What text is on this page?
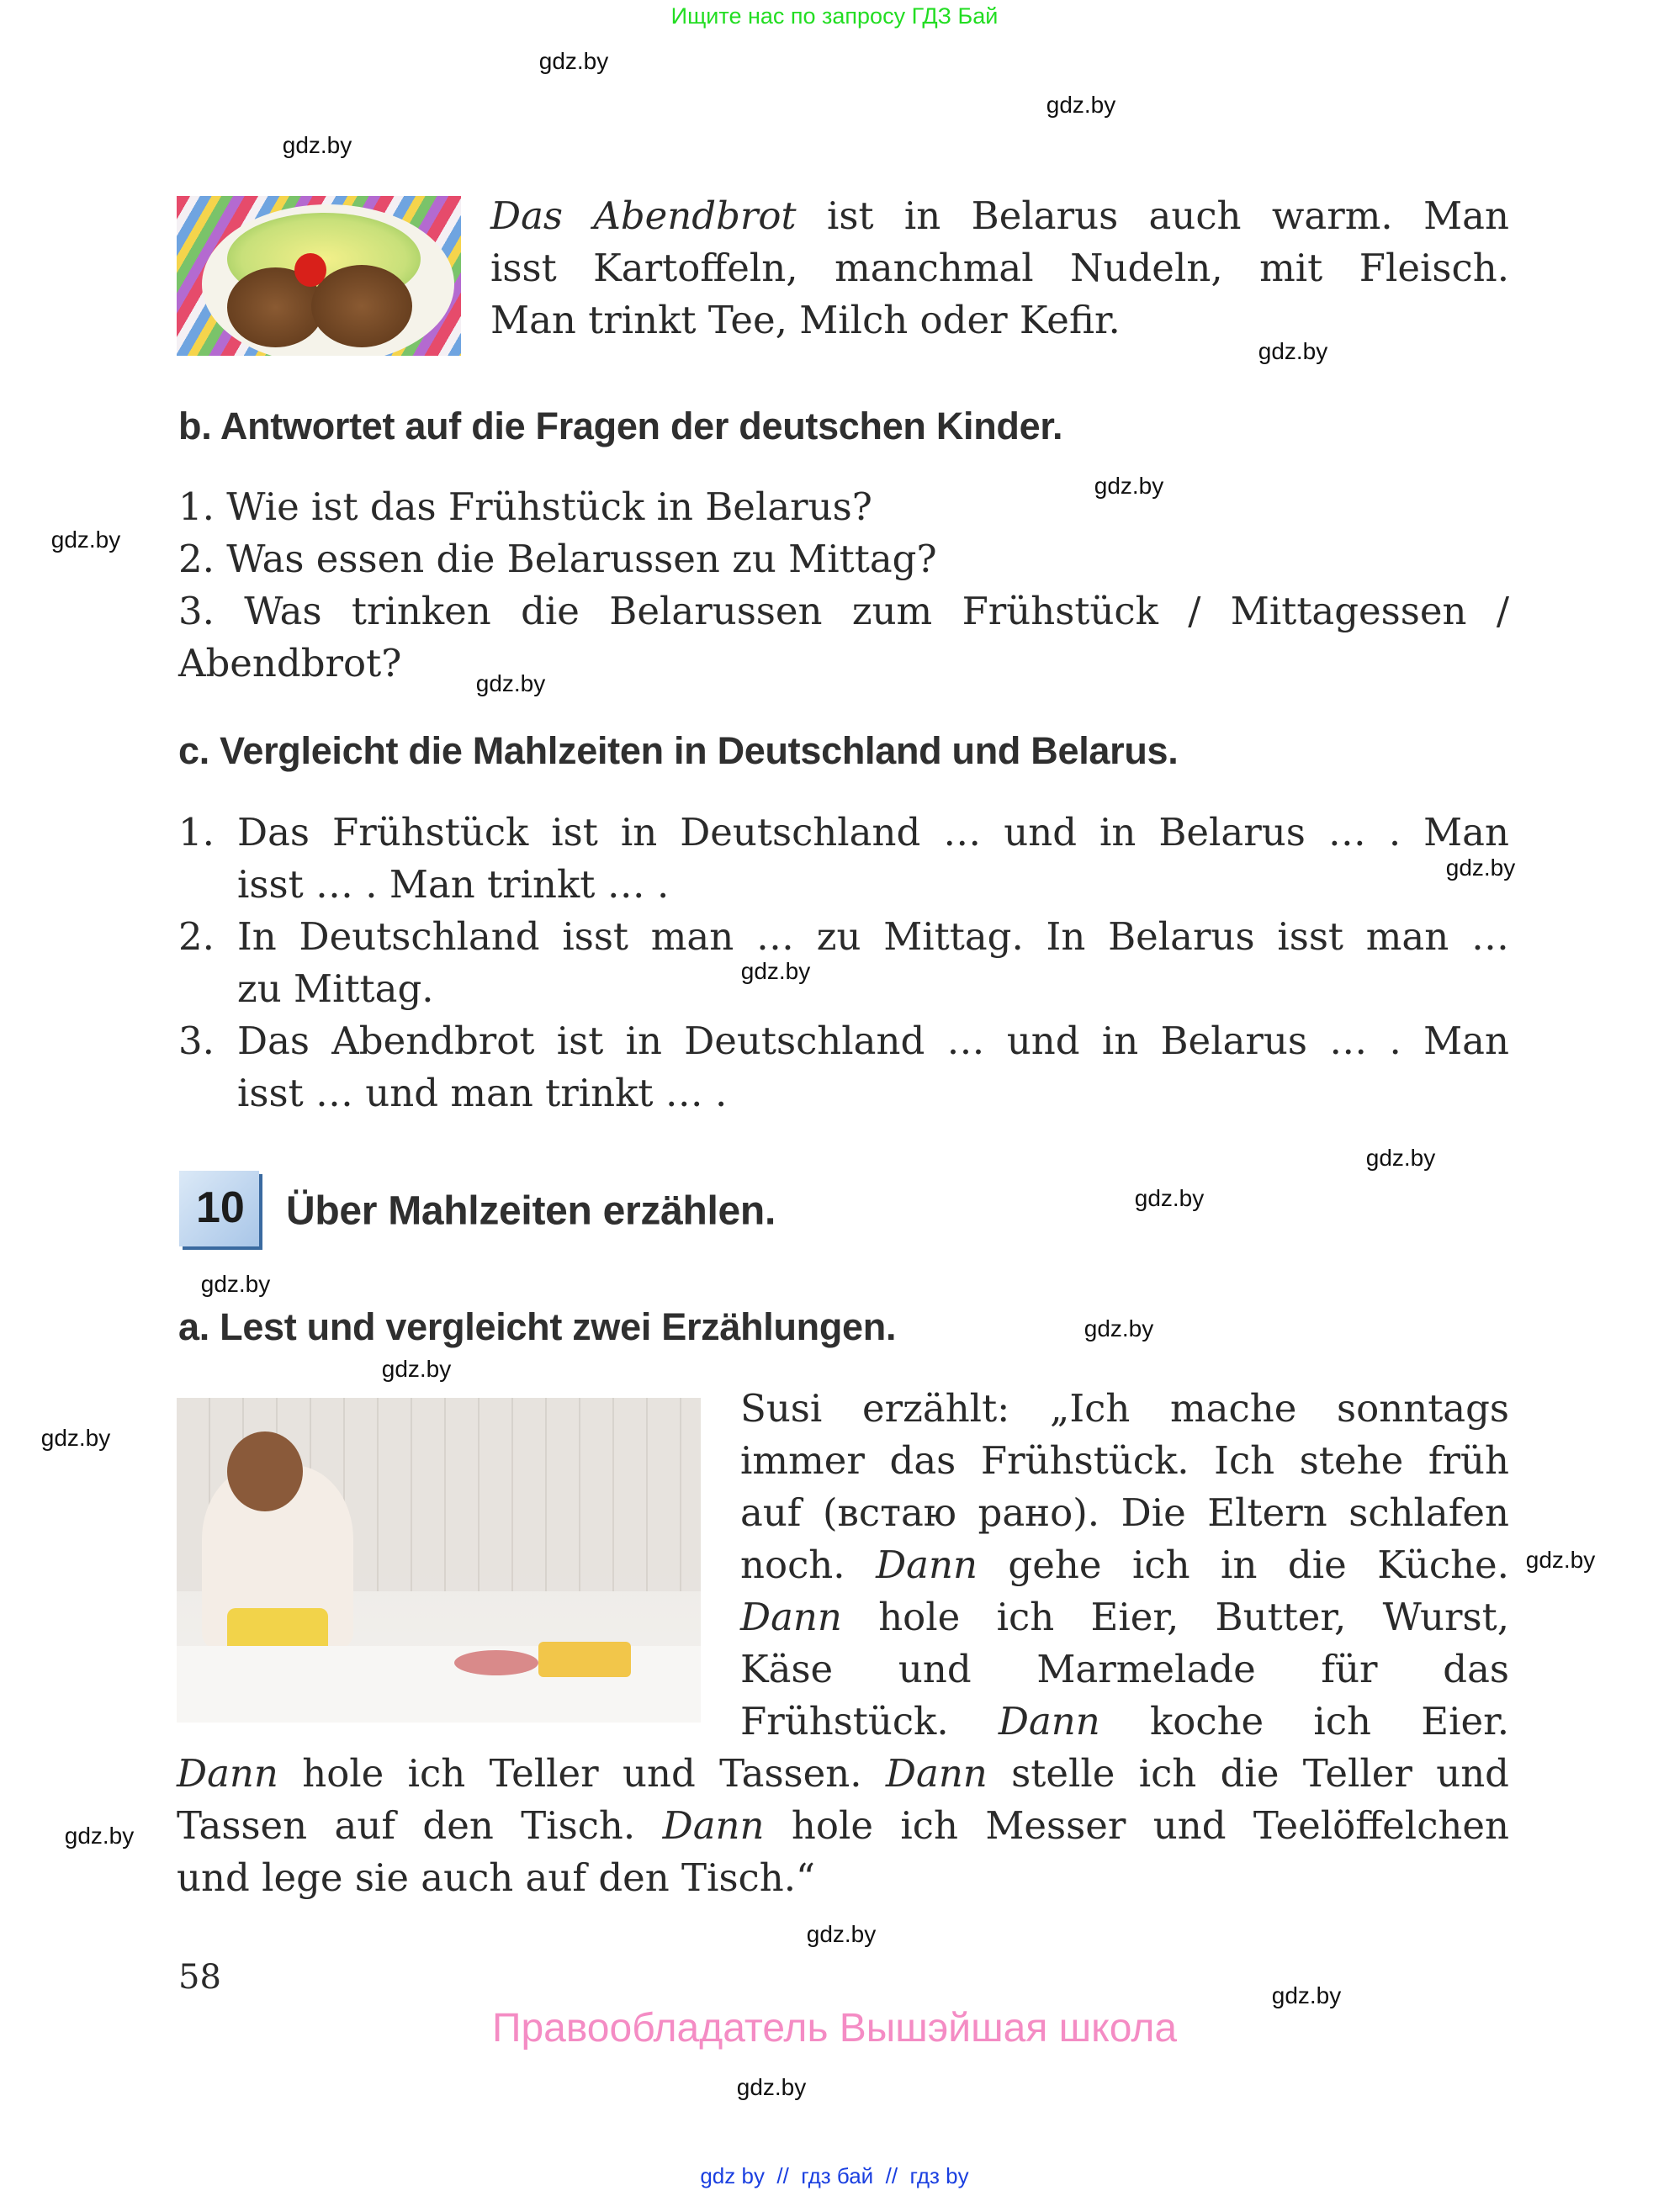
Ищите нас по запросу ГДЗ Бай
gdz.by
gdz.by
gdz.by
gdz.by
gdz.by
gdz.by
gdz.by
gdz.by
gdz.by
gdz.by
gdz.by
gdz.by
gdz.by
gdz.by
gdz.by
gdz.by
gdz.by
gdz.by
gdz.by
gdz.by
Das Abendbrot ist in Belarus auch warm. Man
isst Kartoffeln, manchmal Nudeln, mit Fleisch.
Man trinkt Tee, Milch oder Kefir.
b. Antwortet auf die Fragen der deutschen Kinder.
1. Wie ist das Frühstück in Belarus?
2. Was essen die Belarussen zu Mittag?
3. Was trinken die Belarussen zum Frühstück / Mittagessen /
Abendbrot?
c. Vergleicht die Mahlzeiten in Deutschland und Belarus.
1. Das Frühstück ist in Deutschland … und in Belarus … . Man
isst … . Man trinkt … .
2. In Deutschland isst man … zu Mittag. In Belarus isst man …
zu Mittag.
3. Das Abendbrot ist in Deutschland … und in Belarus … . Man
isst … und man trinkt … .
10 Über Mahlzeiten erzählen.
a. Lest und vergleicht zwei Erzählungen.
Susi erzählt: „Ich mache sonntags
immer das Frühstück. Ich stehe früh
auf (встаю рано). Die Eltern schlafen
noch. Dann gehe ich in die Küche.
Dann hole ich Eier, Butter, Wurst,
Käse und Marmelade für das
Frühstück. Dann koche ich Eier.
Dann hole ich Teller und Tassen. Dann stelle ich die Teller und
Tassen auf den Tisch. Dann hole ich Messer und Teelöffelchen
und lege sie auch auf den Tisch.“
58
Правообладатель Вышэйшая школа
gdz by  //  гдз бай  //  гдз by
